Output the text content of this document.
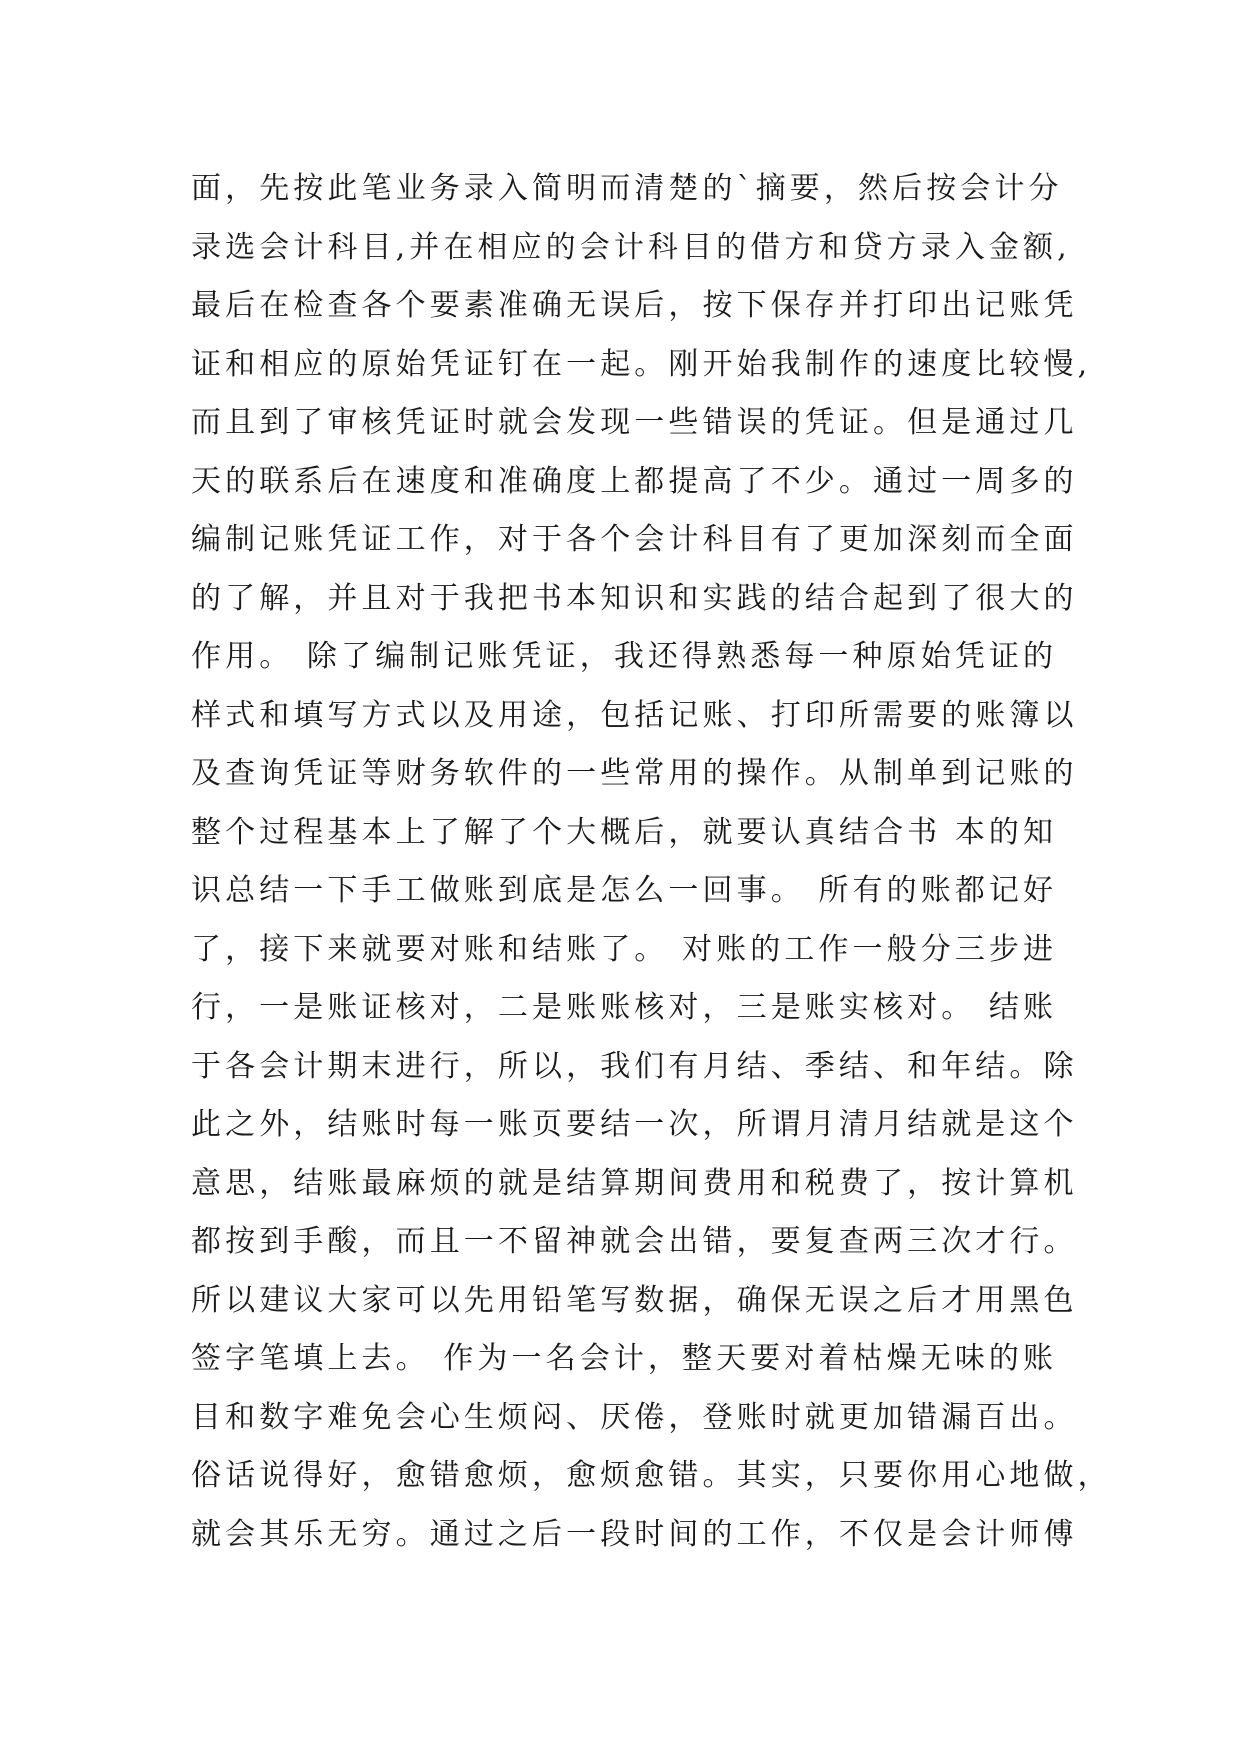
面，先按此笔业务录入简明而清楚的`摘要，然后按会计分
录选会计科目,并在相应的会计科目的借方和贷方录入金额,
最后在检查各个要素准确无误后，按下保存并打印出记账凭
证和相应的原始凭证钉在一起。刚开始我制作的速度比较慢,
而且到了审核凭证时就会发现一些错误的凭证。但是通过几
天的联系后在速度和准确度上都提高了不少。通过一周多的
编制记账凭证工作，对于各个会计科目有了更加深刻而全面
的了解，并且对于我把书本知识和实践的结合起到了很大的
作用。 除了编制记账凭证，我还得熟悉每一种原始凭证的
样式和填写方式以及用途，包括记账、打印所需要的账簿以
及查询凭证等财务软件的一些常用的操作。从制单到记账的
整个过程基本上了解了个大概后，就要认真结合书 本的知
识总结一下手工做账到底是怎么一回事。 所有的账都记好
了，接下来就要对账和结账了。 对账的工作一般分三步进
行，一是账证核对，二是账账核对，三是账实核对。 结账
于各会计期末进行，所以，我们有月结、季结、和年结。除
此之外，结账时每一账页要结一次，所谓月清月结就是这个
意思，结账最麻烦的就是结算期间费用和税费了，按计算机
都按到手酸，而且一不留神就会出错，要复查两三次才行。
所以建议大家可以先用铅笔写数据，确保无误之后才用黑色
签字笔填上去。 作为一名会计，整天要对着枯燥无味的账
目和数字难免会心生烦闷、厌倦，登账时就更加错漏百出。
俗话说得好，愈错愈烦，愈烦愈错。其实，只要你用心地做，
就会其乐无穷。通过之后一段时间的工作，不仅是会计师傅
